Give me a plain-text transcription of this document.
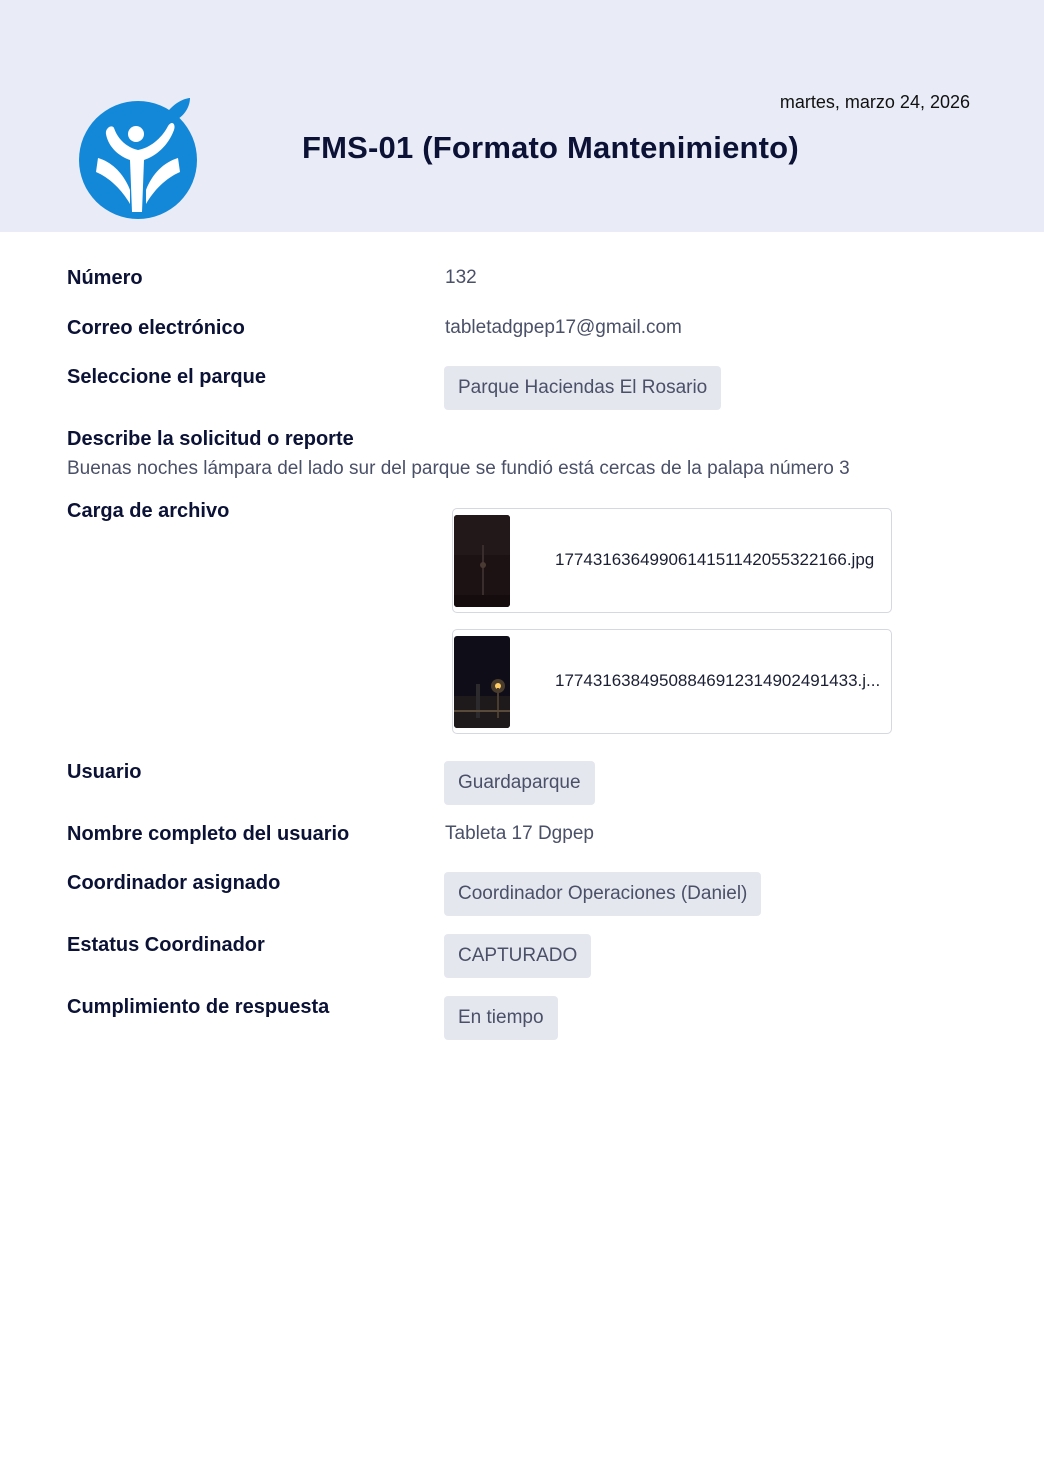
martes, marzo 24, 2026
FMS-01 (Formato Mantenimiento)
Número	132
Correo electrónico	tabletadgpep17@gmail.com
Seleccione el parque	Parque Haciendas El Rosario
Describe la solicitud o reporte
Buenas noches lámpara del lado sur del parque se fundió está cercas de la palapa número 3
Carga de archivo
17743163649906141511420553221​66.jpg
17743163849508846912314902491433.j...
Usuario	Guardaparque
Nombre completo del usuario	Tableta 17 Dgpep
Coordinador asignado	Coordinador Operaciones (Daniel)
Estatus Coordinador	CAPTURADO
Cumplimiento de respuesta	En tiempo
